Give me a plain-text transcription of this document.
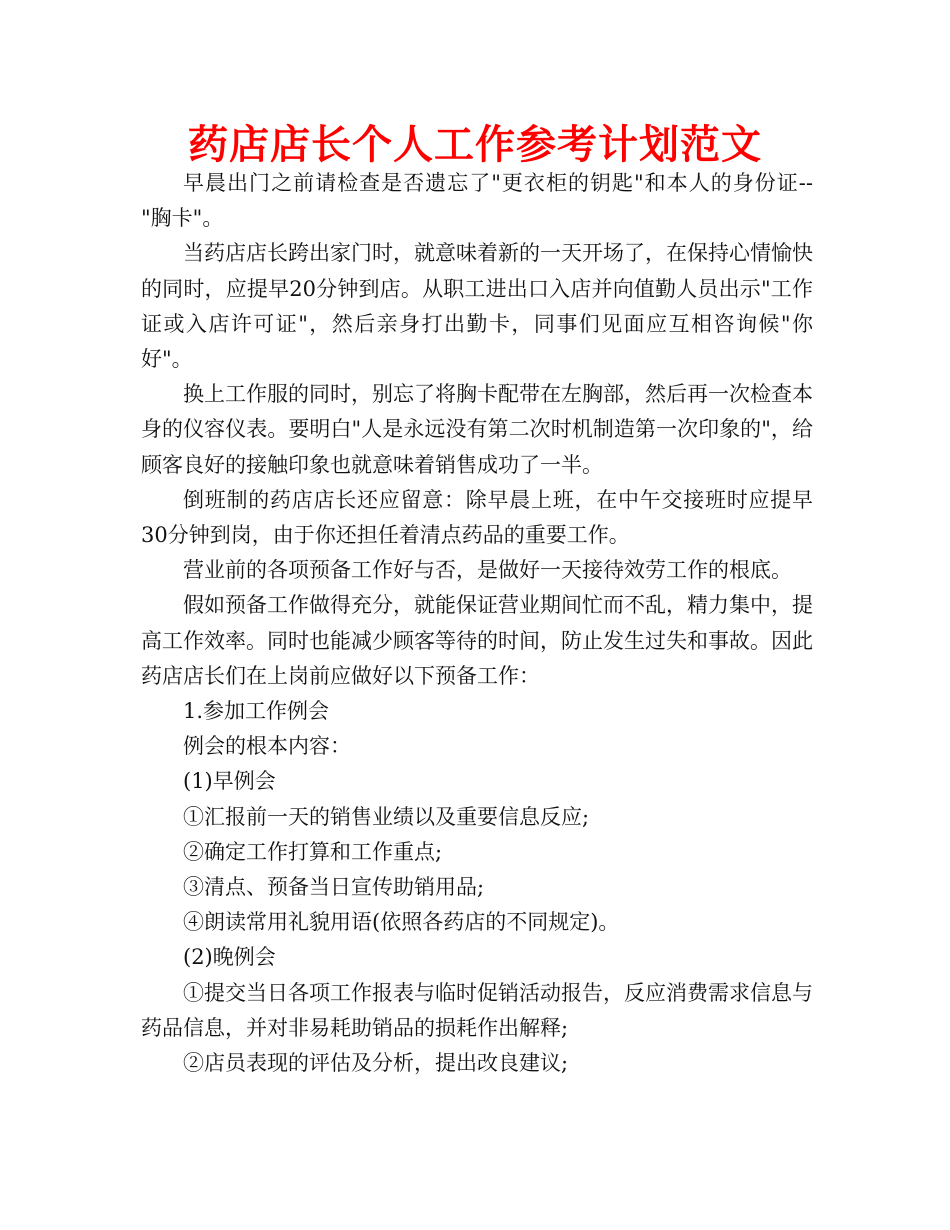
药店店长个人工作参考计划范文

早晨出门之前请检查是否遗忘了"更衣柜的钥匙"和本人的身份证--"胸卡"。

当药店店长跨出家门时，就意味着新的一天开场了，在保持心情愉快的同时，应提早20分钟到店。从职工进出口入店并向值勤人员出示"工作证或入店许可证"，然后亲身打出勤卡，同事们见面应互相咨询候"你好"。

换上工作服的同时，别忘了将胸卡配带在左胸部，然后再一次检查本身的仪容仪表。要明白"人是永远没有第二次时机制造第一次印象的"，给顾客良好的接触印象也就意味着销售成功了一半。

倒班制的药店店长还应留意：除早晨上班，在中午交接班时应提早30分钟到岗，由于你还担任着清点药品的重要工作。

营业前的各项预备工作好与否，是做好一天接待效劳工作的根底。

假如预备工作做得充分，就能保证营业期间忙而不乱，精力集中，提高工作效率。同时也能减少顾客等待的时间，防止发生过失和事故。因此药店店长们在上岗前应做好以下预备工作：

1.参加工作例会

例会的根本内容：

(1)早例会

①汇报前一天的销售业绩以及重要信息反应;

②确定工作打算和工作重点;

③清点、预备当日宣传助销用品;

④朗读常用礼貌用语(依照各药店的不同规定)。

(2)晚例会

①提交当日各项工作报表与临时促销活动报告，反应消费需求信息与药品信息，并对非易耗助销品的损耗作出解释;

②店员表现的评估及分析，提出改良建议;
